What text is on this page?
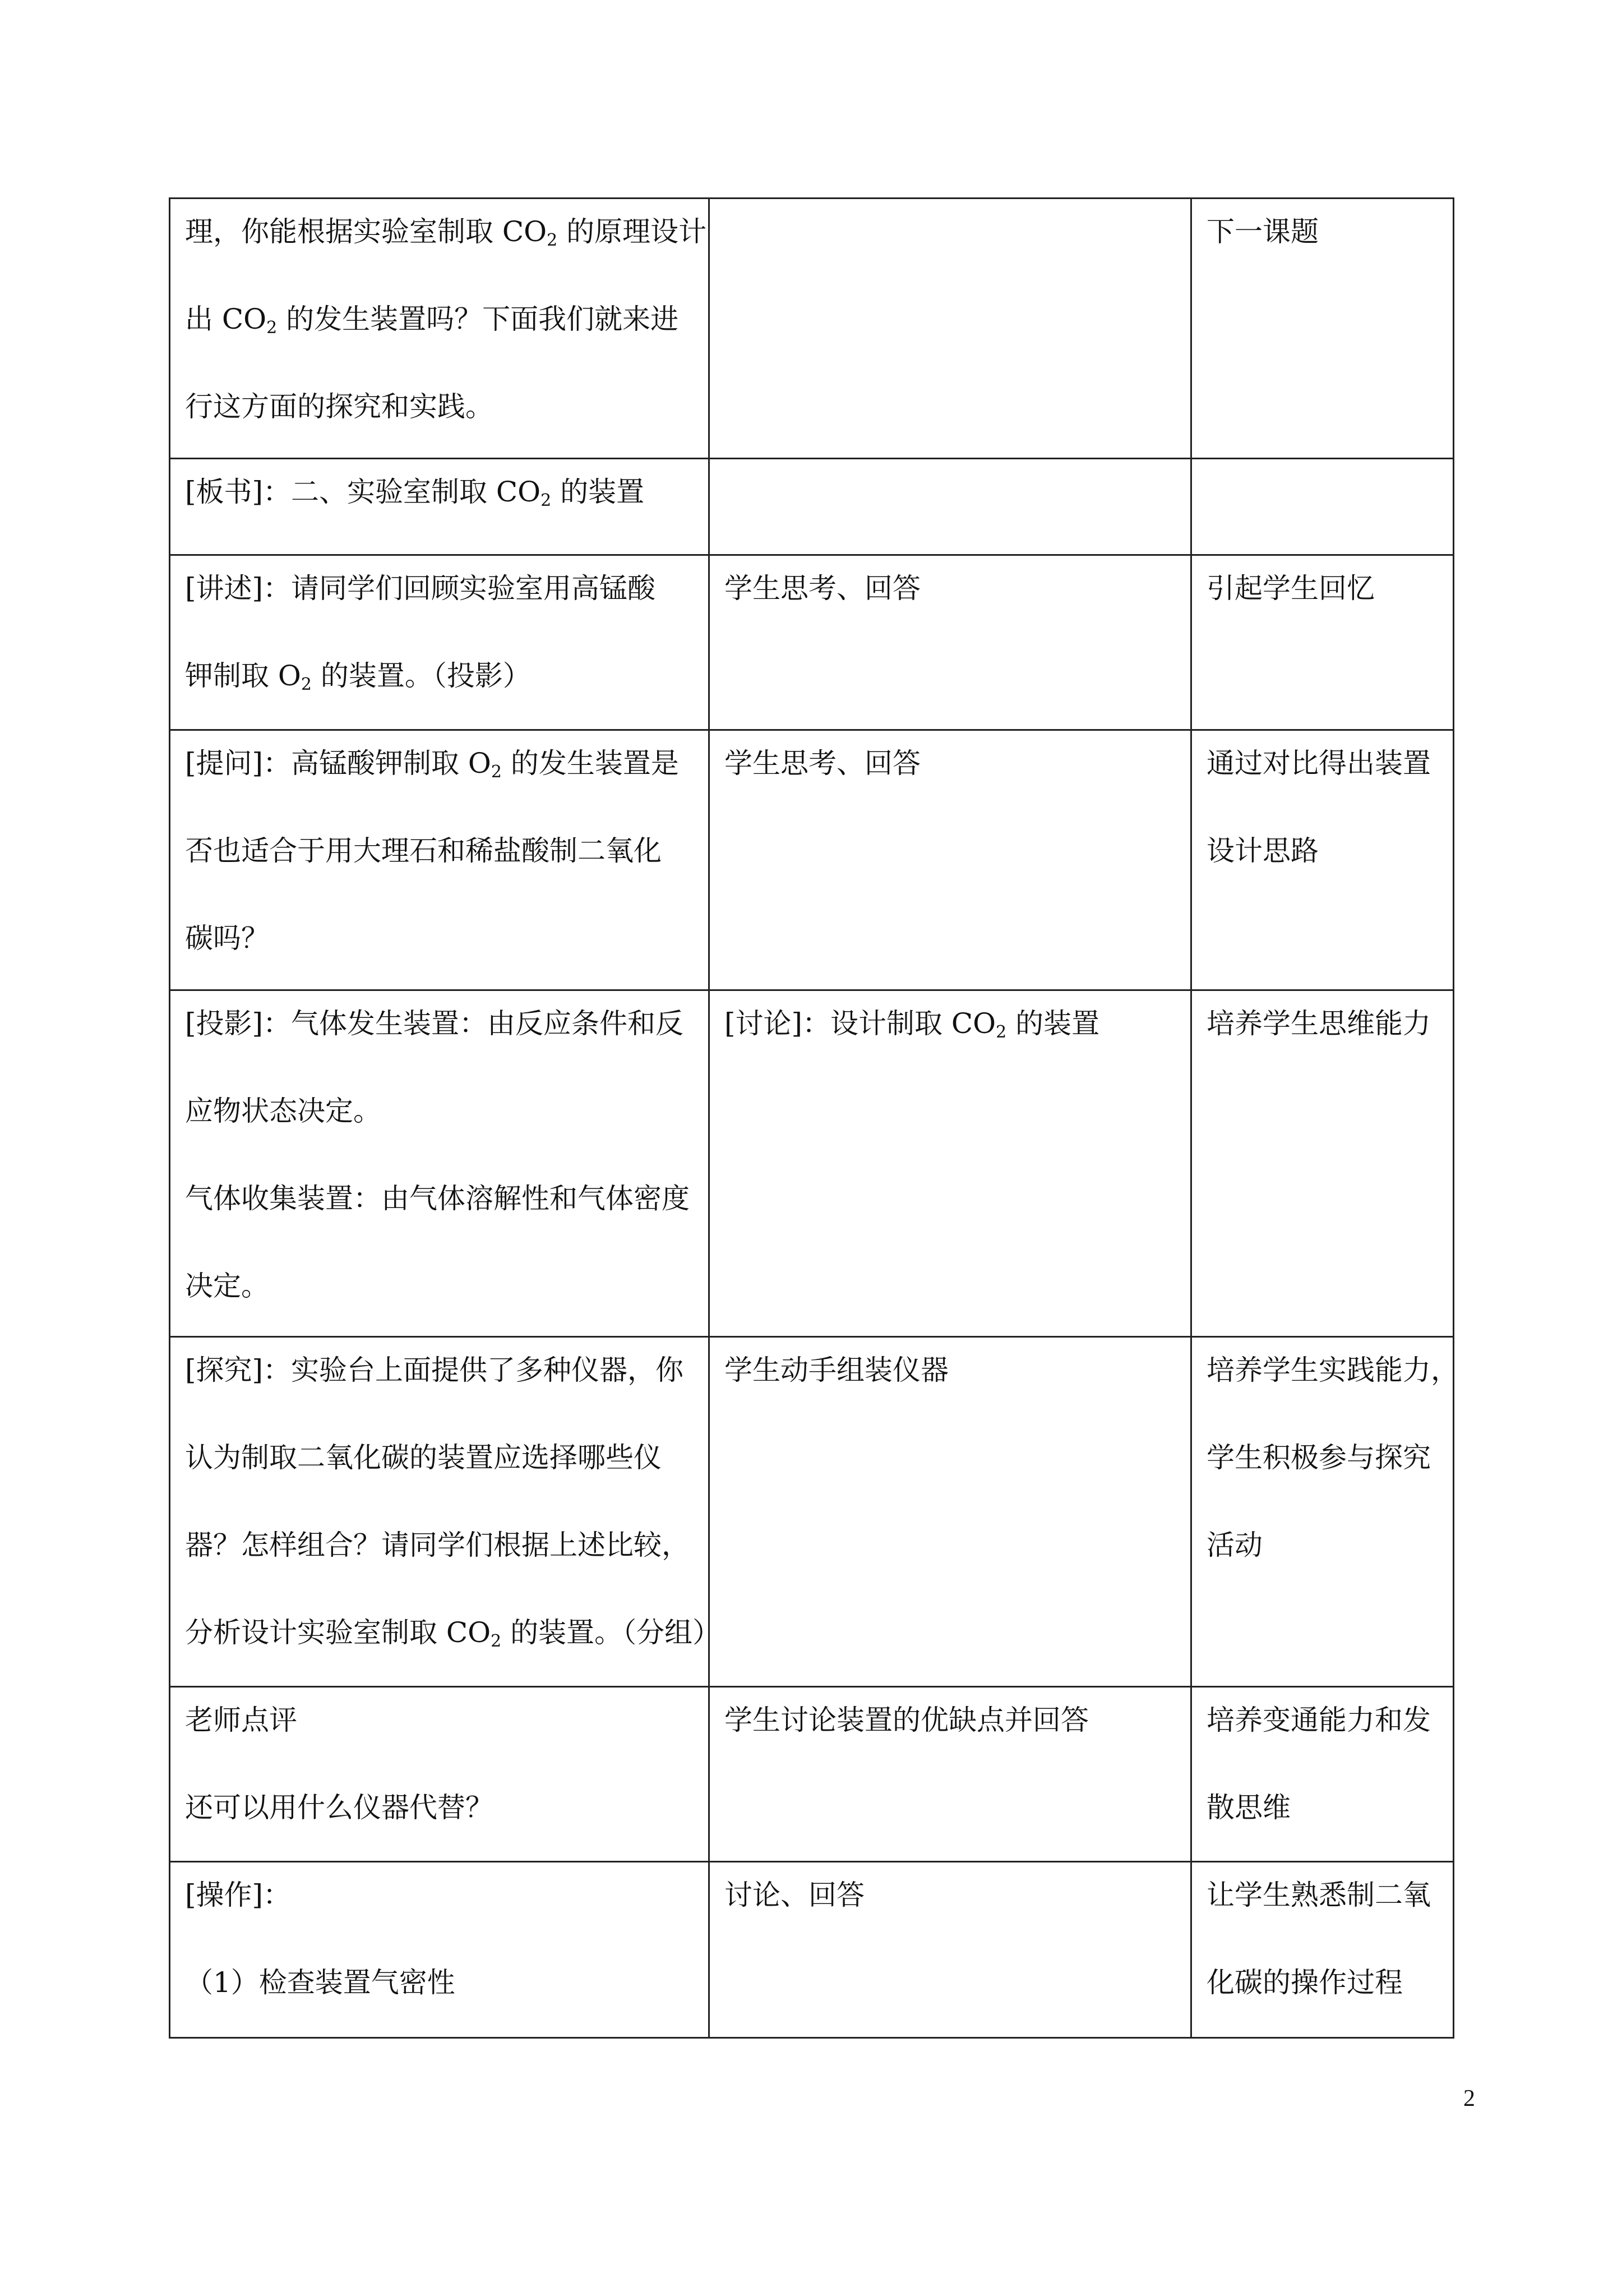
理，你能根据实验室制取 $CO_2$ 的原理设计
出 $CO_2$ 的发生装置吗？下面我们就来进
行这方面的探究和实践。		下一课题

[板书]：二、实验室制取 $CO_2$ 的装置		

[讲述]：请同学们回顾实验室用高锰酸
钾制取 $O_2$ 的装置。（投影）	学生思考、回答	引起学生回忆

[提问]：高锰酸钾制取 $O_2$ 的发生装置是
否也适合于用大理石和稀盐酸制二氧化
碳吗？	学生思考、回答	通过对比得出装置
设计思路

[投影]：气体发生装置：由反应条件和反
应物状态决定。
气体收集装置：由气体溶解性和气体密度
决定。	[讨论]：设计制取 $CO_2$ 的装置	培养学生思维能力

[探究]：实验台上面提供了多种仪器，你
认为制取二氧化碳的装置应选择哪些仪
器？怎样组合？请同学们根据上述比较，
分析设计实验室制取 $CO_2$ 的装置。（分组）	学生动手组装仪器	培养学生实践能力，
学生积极参与探究
活动

老师点评
还可以用什么仪器代替？	学生讨论装置的优缺点并回答	培养变通能力和发
散思维

[操作]：
（1）检查装置气密性	讨论、回答	让学生熟悉制二氧
化碳的操作过程
2
